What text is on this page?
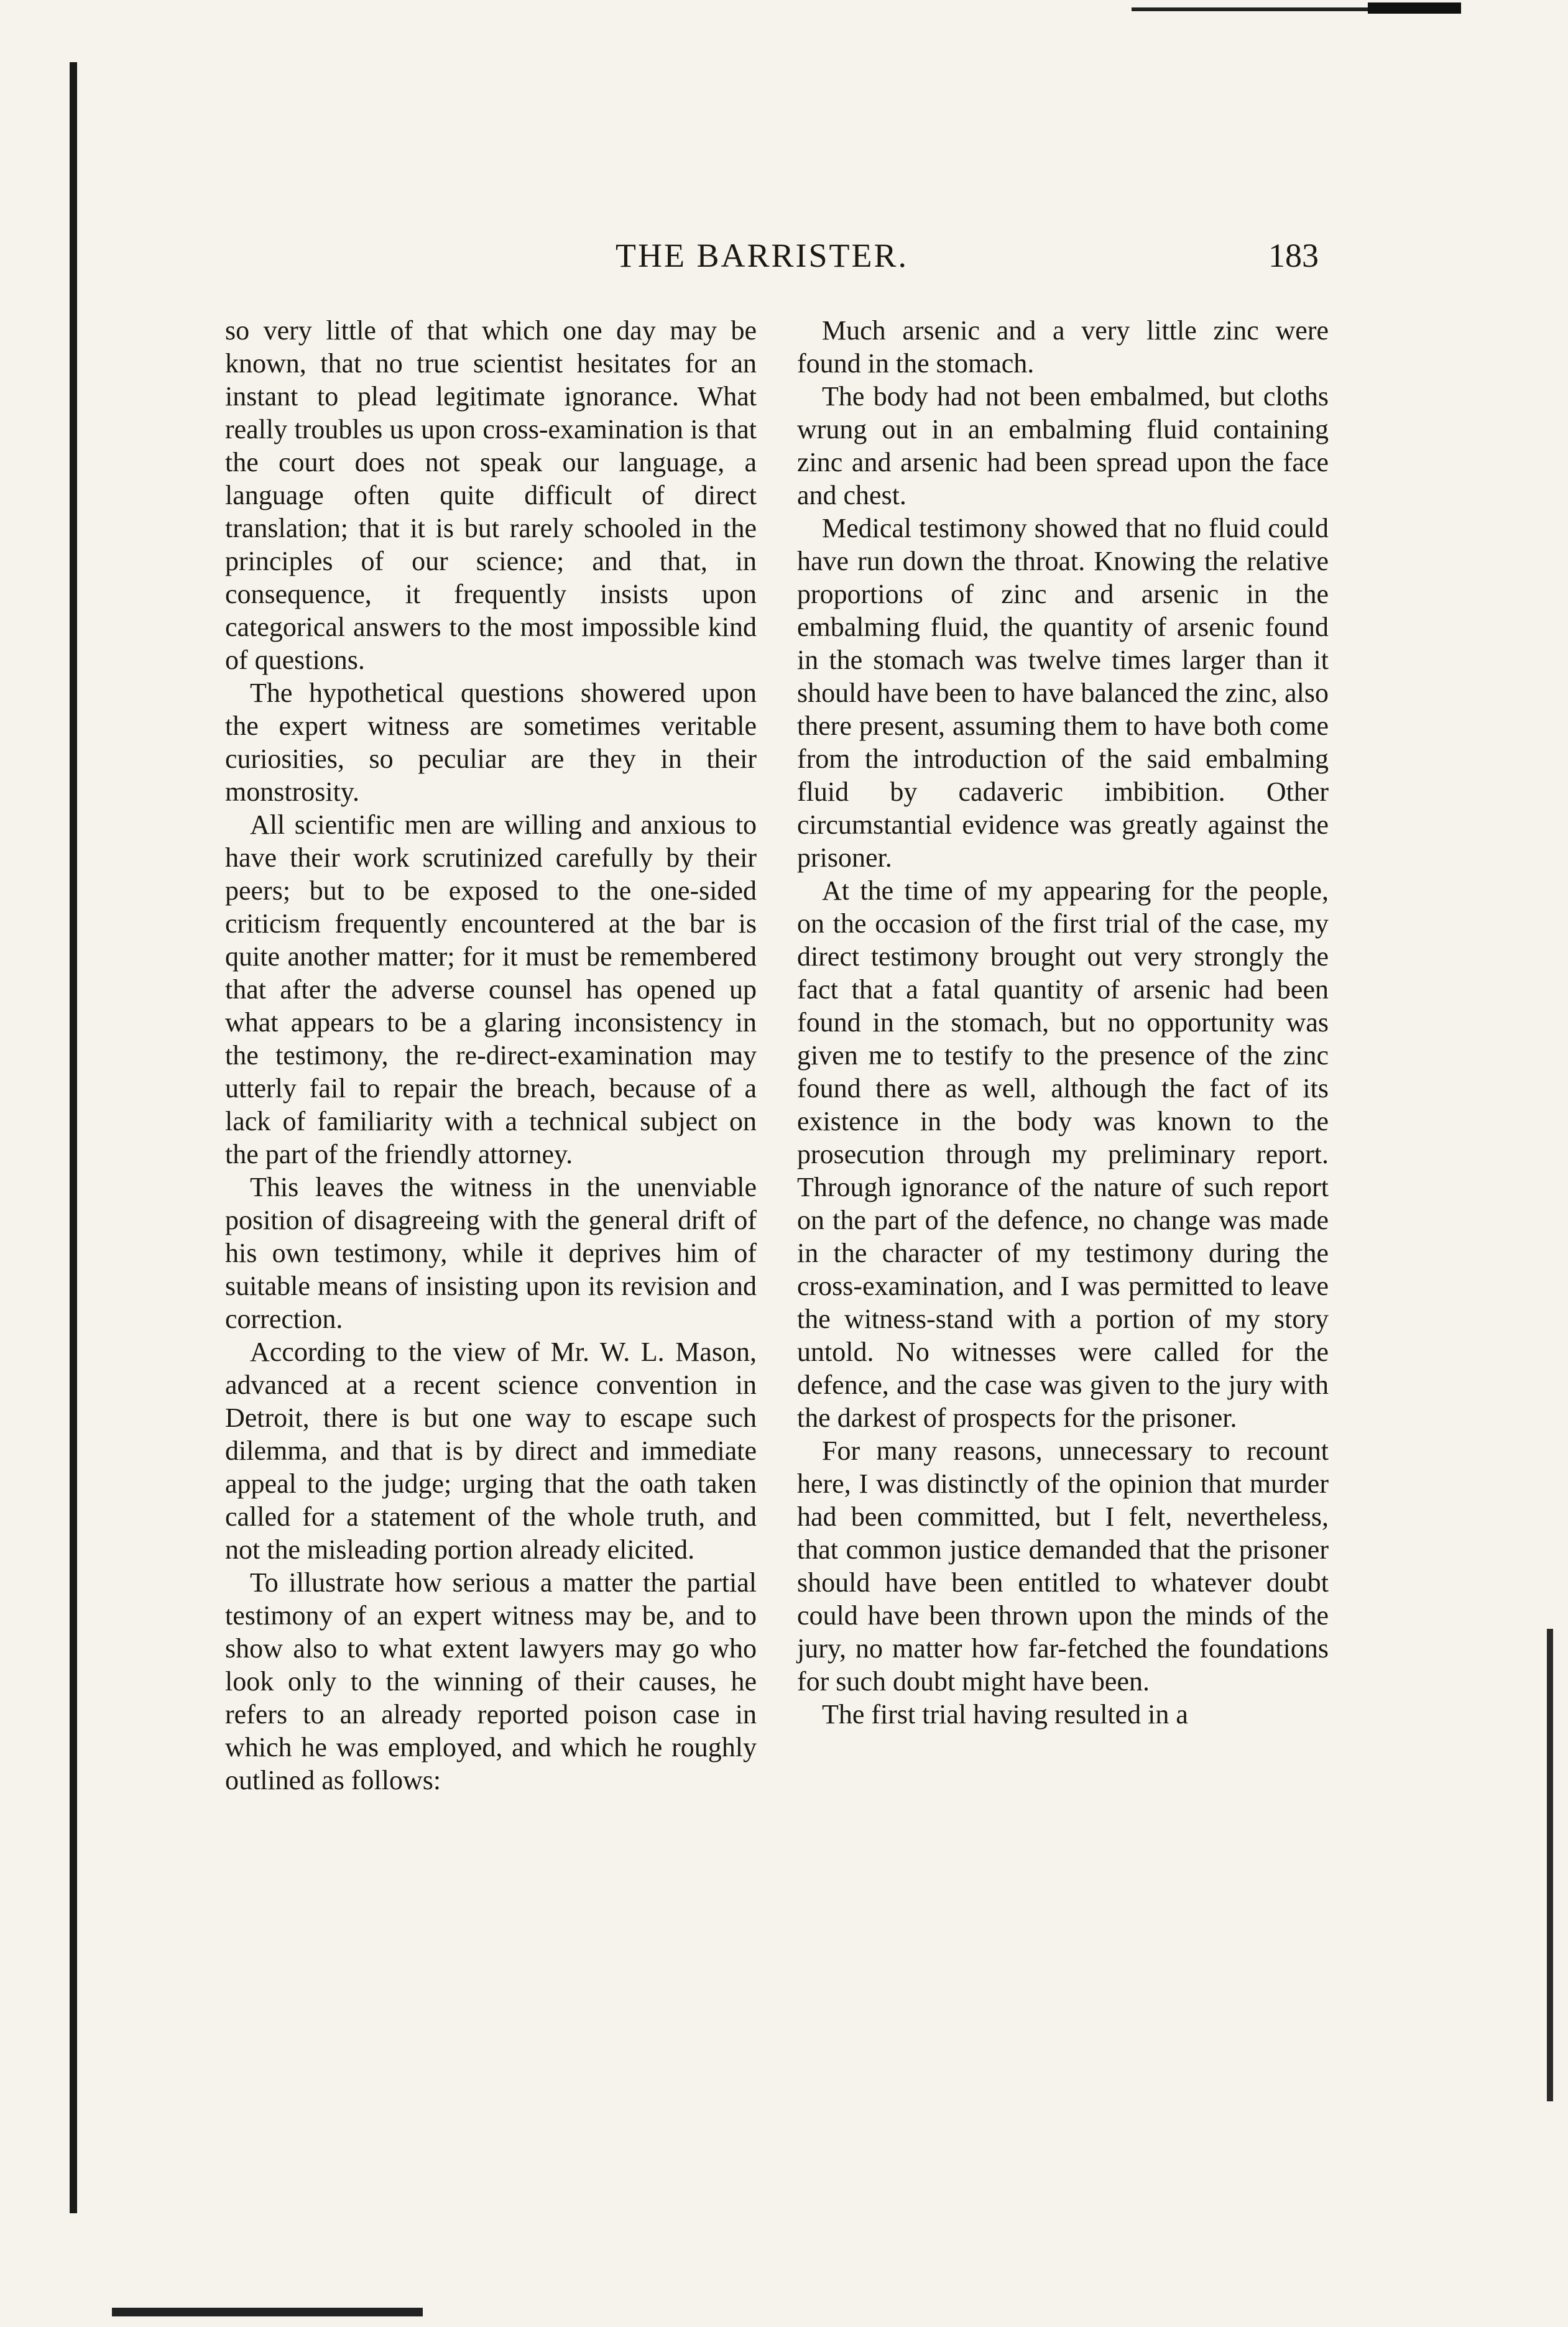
THE BARRISTER.	183

so very little of that which one day may be known, that no true scientist hesitates for an instant to plead legitimate ignorance. What really troubles us upon cross-examination is that the court does not speak our language, a language often quite difficult of direct translation; that it is but rarely schooled in the principles of our science; and that, in consequence, it frequently insists upon categorical answers to the most impossible kind of questions.

The hypothetical questions showered upon the expert witness are sometimes veritable curiosities, so peculiar are they in their monstrosity.

All scientific men are willing and anxious to have their work scrutinized carefully by their peers; but to be exposed to the one-sided criticism frequently encountered at the bar is quite another matter; for it must be remembered that after the adverse counsel has opened up what appears to be a glaring inconsistency in the testimony, the re-direct-examination may utterly fail to repair the breach, because of a lack of familiarity with a technical subject on the part of the friendly attorney.

This leaves the witness in the unenviable position of disagreeing with the general drift of his own testimony, while it deprives him of suitable means of insisting upon its revision and correction.

According to the view of Mr. W. L. Mason, advanced at a recent science convention in Detroit, there is but one way to escape such dilemma, and that is by direct and immediate appeal to the judge; urging that the oath taken called for a statement of the whole truth, and not the misleading portion already elicited.

To illustrate how serious a matter the partial testimony of an expert witness may be, and to show also to what extent lawyers may go who look only to the winning of their causes, he refers to an already reported poison case in which he was employed, and which he roughly outlined as follows:

Much arsenic and a very little zinc were found in the stomach.

The body had not been embalmed, but cloths wrung out in an embalming fluid containing zinc and arsenic had been spread upon the face and chest.

Medical testimony showed that no fluid could have run down the throat. Knowing the relative proportions of zinc and arsenic in the embalming fluid, the quantity of arsenic found in the stomach was twelve times larger than it should have been to have balanced the zinc, also there present, assuming them to have both come from the introduction of the said embalming fluid by cadaveric imbibition. Other circumstantial evidence was greatly against the prisoner.

At the time of my appearing for the people, on the occasion of the first trial of the case, my direct testimony brought out very strongly the fact that a fatal quantity of arsenic had been found in the stomach, but no opportunity was given me to testify to the presence of the zinc found there as well, although the fact of its existence in the body was known to the prosecution through my preliminary report. Through ignorance of the nature of such report on the part of the defence, no change was made in the character of my testimony during the cross-examination, and I was permitted to leave the witness-stand with a portion of my story untold. No witnesses were called for the defence, and the case was given to the jury with the darkest of prospects for the prisoner.

For many reasons, unnecessary to recount here, I was distinctly of the opinion that murder had been committed, but I felt, nevertheless, that common justice demanded that the prisoner should have been entitled to whatever doubt could have been thrown upon the minds of the jury, no matter how far-fetched the foundations for such doubt might have been.

The first trial having resulted in a
